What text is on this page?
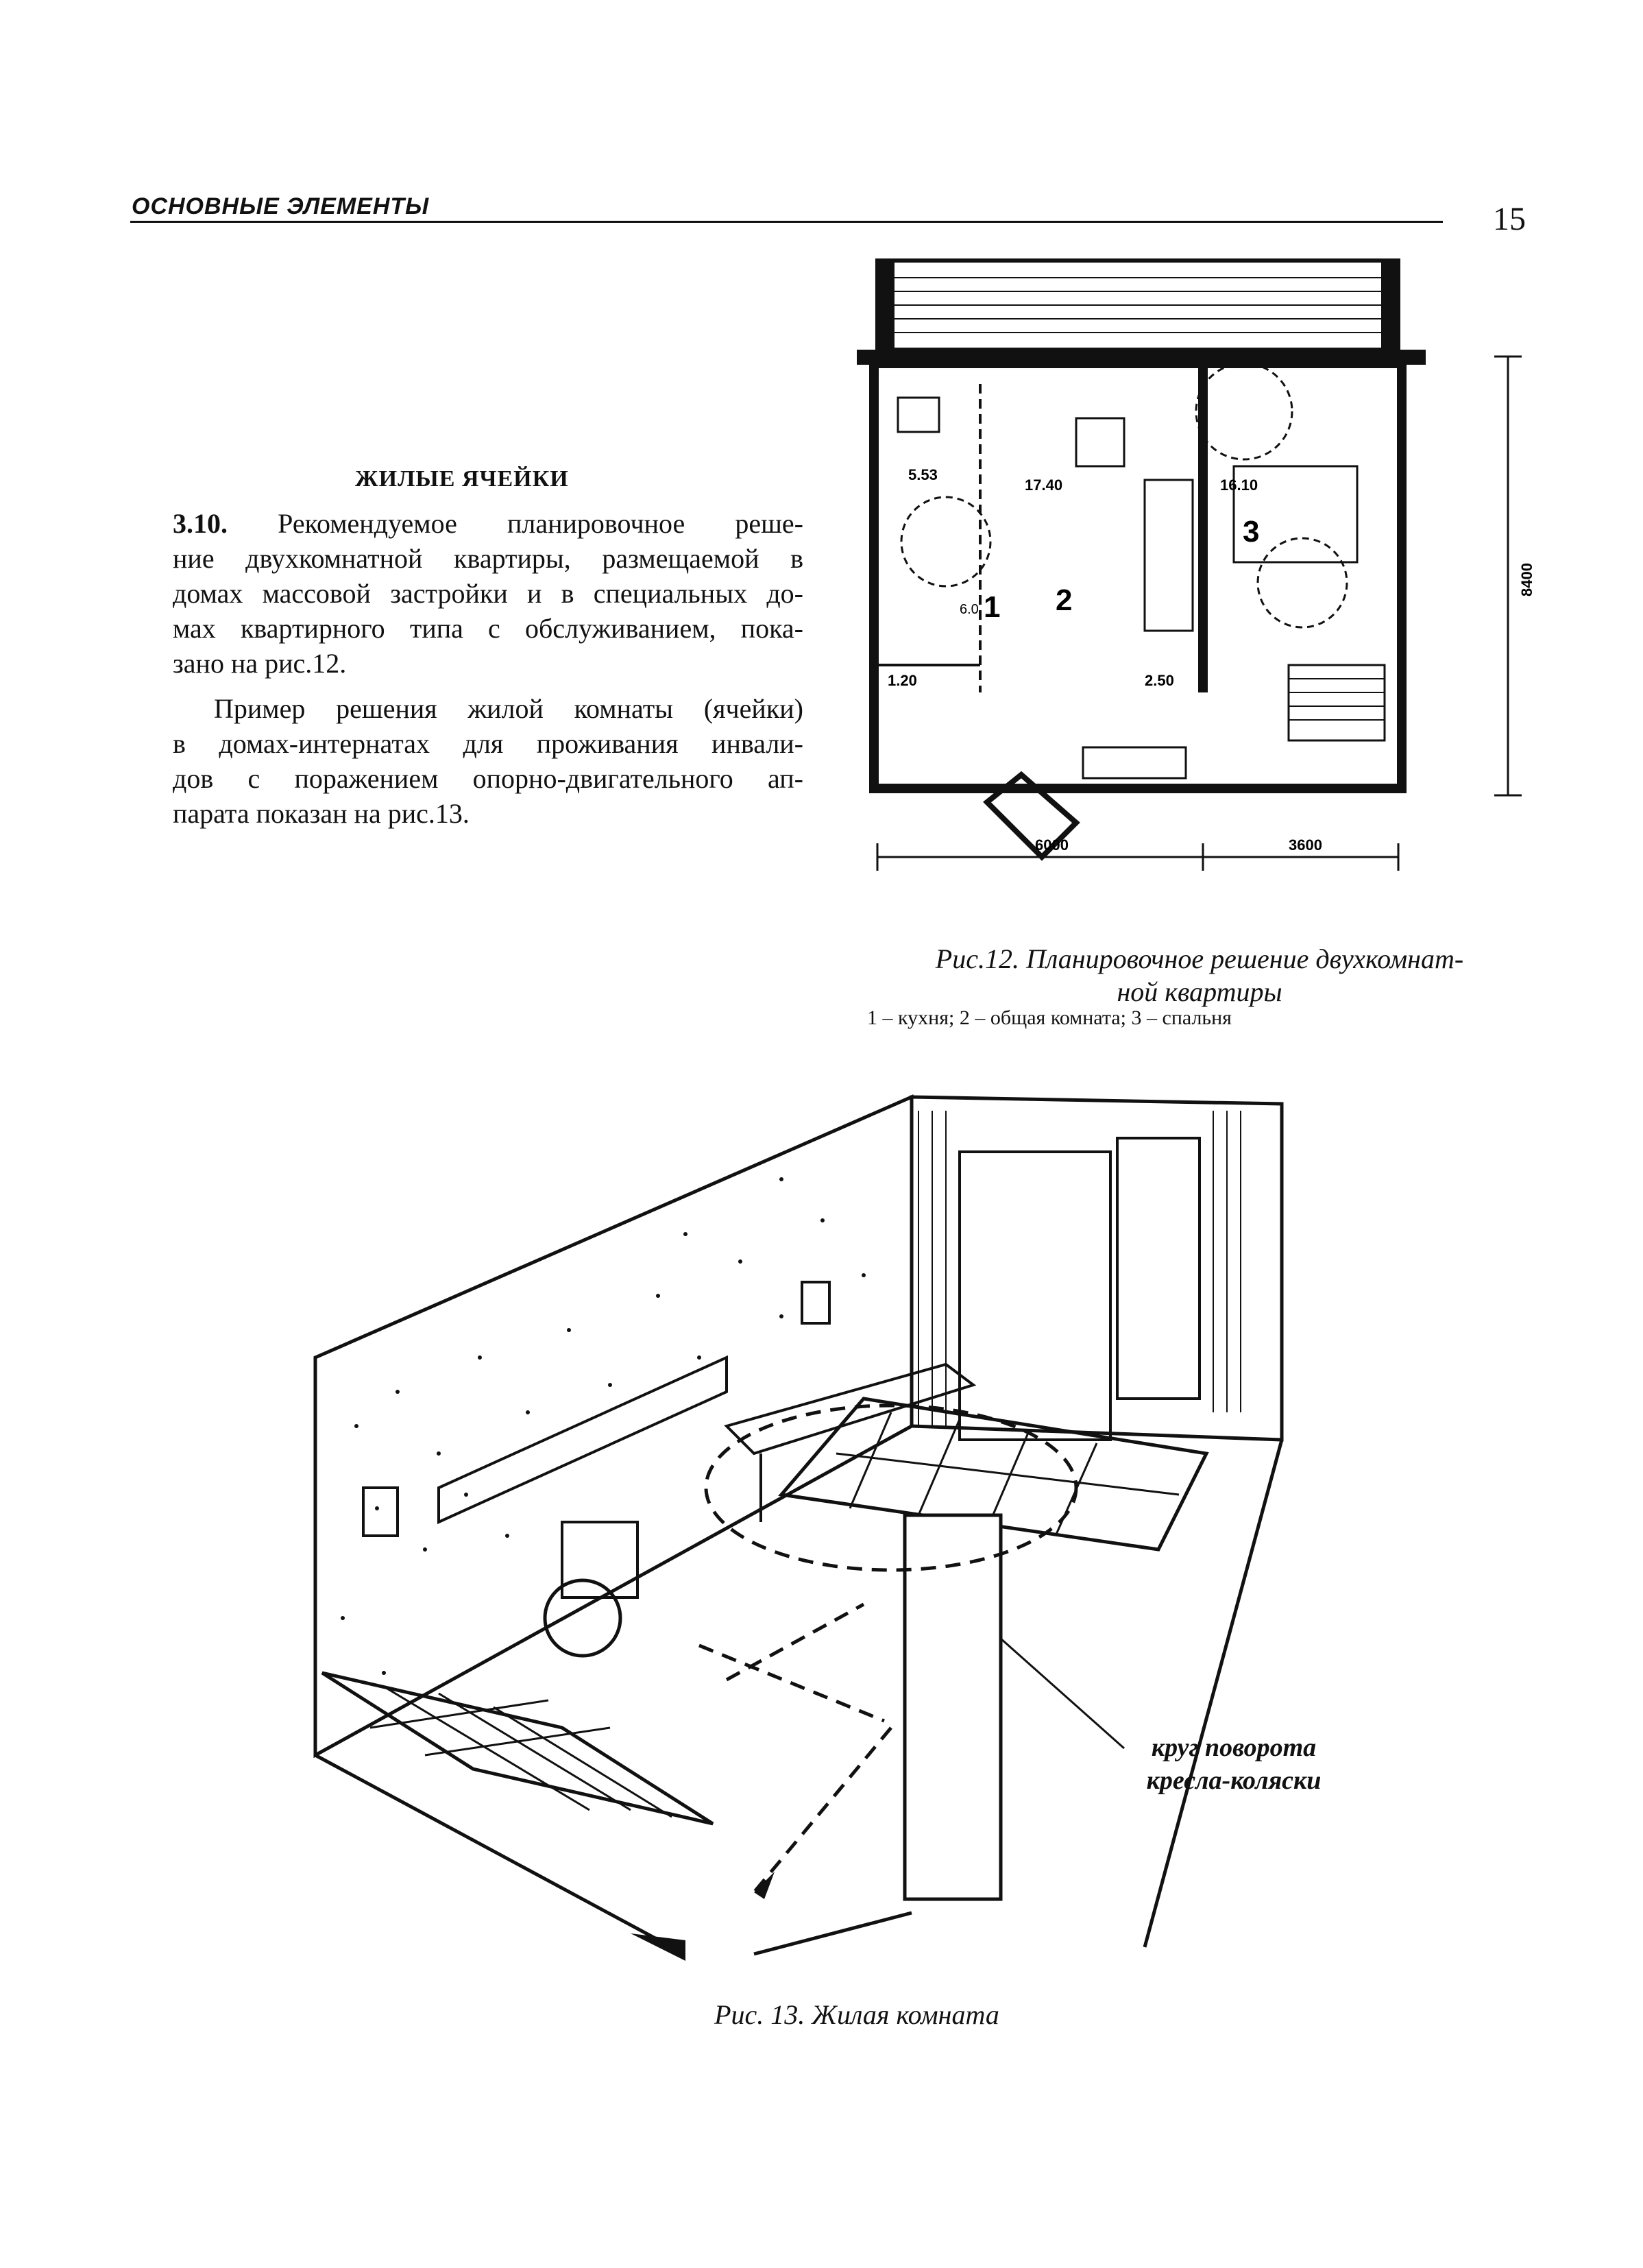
ОСНОВНЫЕ ЭЛЕМЕНТЫ	15
ЖИЛЫЕ ЯЧЕЙКИ
3.10. Рекомендуемое планировочное реше-
ние двухкомнатной квартиры, размещаемой в
домах массовой застройки и в специальных до-
мах квартирного типа с обслуживанием, пока-
зано на рис.12.
Пример решения жилой комнаты (ячейки)
в домах-интернатах для проживания инвали-
дов с поражением опорно-двигательного ап-
парата показан на рис.13.
1 2
3
5.53
6.0
1.20
17.40
2.50
16.10
6000	3600
8400
Рис.12. Планировочное решение двухкомнат-
ной квартиры
1 – кухня; 2 – общая комната; 3 – спальня
круг поворота
кресла-коляски
Рис. 13. Жилая комната
